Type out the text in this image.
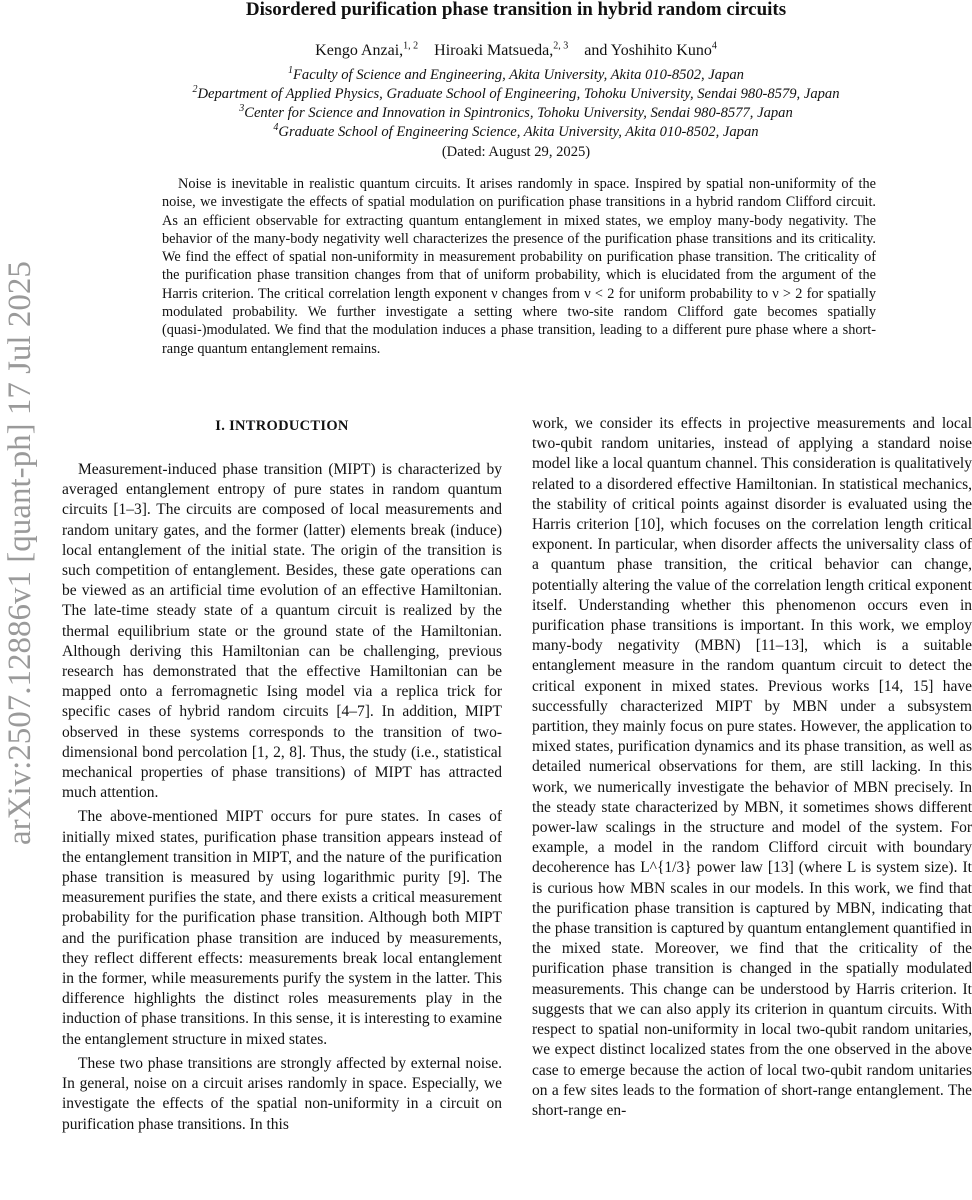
arXiv:2507.12886v1 [quant-ph] 17 Jul 2025
Disordered purification phase transition in hybrid random circuits
Kengo Anzai,$^{1, 2}$ Hiroaki Matsueda,$^{2, 3}$ and Yoshihito Kuno$^4$
$^1$Faculty of Science and Engineering, Akita University, Akita 010-8502, Japan
$^2$Department of Applied Physics, Graduate School of Engineering, Tohoku University, Sendai 980-8579, Japan
$^3$Center for Science and Innovation in Spintronics, Tohoku University, Sendai 980-8577, Japan
$^4$Graduate School of Engineering Science, Akita University, Akita 010-8502, Japan
(Dated: August 29, 2025)
Noise is inevitable in realistic quantum circuits. It arises randomly in space. Inspired by spatial non-uniformity of the noise, we investigate the effects of spatial modulation on purification phase transitions in a hybrid random Clifford circuit. As an efficient observable for extracting quantum entanglement in mixed states, we employ many-body negativity. The behavior of the many-body negativity well characterizes the presence of the purification phase transitions and its criticality. We find the effect of spatial non-uniformity in measurement probability on purification phase transition. The criticality of the purification phase transition changes from that of uniform probability, which is elucidated from the argument of the Harris criterion. The critical correlation length exponent ν changes from ν < 2 for uniform probability to ν > 2 for spatially modulated probability. We further investigate a setting where two-site random Clifford gate becomes spatially (quasi-)modulated. We find that the modulation induces a phase transition, leading to a different pure phase where a short-range quantum entanglement remains.
I. INTRODUCTION

Measurement-induced phase transition (MIPT) is characterized by averaged entanglement entropy of pure states in random quantum circuits [1–3]. The circuits are composed of local measurements and random unitary gates, and the former (latter) elements break (induce) local entanglement of the initial state. The origin of the transition is such competition of entanglement. Besides, these gate operations can be viewed as an artificial time evolution of an effective Hamiltonian. The late-time steady state of a quantum circuit is realized by the thermal equilibrium state or the ground state of the Hamiltonian. Although deriving this Hamiltonian can be challenging, previous research has demonstrated that the effective Hamiltonian can be mapped onto a ferromagnetic Ising model via a replica trick for specific cases of hybrid random circuits [4–7]. In addition, MIPT observed in these systems corresponds to the transition of two-dimensional bond percolation [1, 2, 8]. Thus, the study (i.e., statistical mechanical properties of phase transitions) of MIPT has attracted much attention.

The above-mentioned MIPT occurs for pure states. In cases of initially mixed states, purification phase transition appears instead of the entanglement transition in MIPT, and the nature of the purification phase transition is measured by using logarithmic purity [9]. The measurement purifies the state, and there exists a critical measurement probability for the purification phase transition. Although both MIPT and the purification phase transition are induced by measurements, they reflect different effects: measurements break local entanglement in the former, while measurements purify the system in the latter. This difference highlights the distinct roles measurements play in the induction of phase transitions. In this sense, it is interesting to examine the entanglement structure in mixed states.

These two phase transitions are strongly affected by external noise. In general, noise on a circuit arises randomly in space. Especially, we investigate the effects of the spatial non-uniformity in a circuit on purification phase transitions. In this

work, we consider its effects in projective measurements and local two-qubit random unitaries, instead of applying a standard noise model like a local quantum channel. This consideration is qualitatively related to a disordered effective Hamiltonian. In statistical mechanics, the stability of critical points against disorder is evaluated using the Harris criterion [10], which focuses on the correlation length critical exponent. In particular, when disorder affects the universality class of a quantum phase transition, the critical behavior can change, potentially altering the value of the correlation length critical exponent itself. Understanding whether this phenomenon occurs even in purification phase transitions is important. In this work, we employ many-body negativity (MBN) [11–13], which is a suitable entanglement measure in the random quantum circuit to detect the critical exponent in mixed states. Previous works [14, 15] have successfully characterized MIPT by MBN under a subsystem partition, they mainly focus on pure states. However, the application to mixed states, purification dynamics and its phase transition, as well as detailed numerical observations for them, are still lacking. In this work, we numerically investigate the behavior of MBN precisely. In the steady state characterized by MBN, it sometimes shows different power-law scalings in the structure and model of the system. For example, a model in the random Clifford circuit with boundary decoherence has L^{1/3} power law [13] (where L is system size). It is curious how MBN scales in our models. In this work, we find that the purification phase transition is captured by MBN, indicating that the phase transition is captured by quantum entanglement quantified in the mixed state. Moreover, we find that the criticality of the purification phase transition is changed in the spatially modulated measurements. This change can be understood by Harris criterion. It suggests that we can also apply its criterion in quantum circuits. With respect to spatial non-uniformity in local two-qubit random unitaries, we expect distinct localized states from the one observed in the above case to emerge because the action of local two-qubit random unitaries on a few sites leads to the formation of short-range entanglement. The short-range en-
